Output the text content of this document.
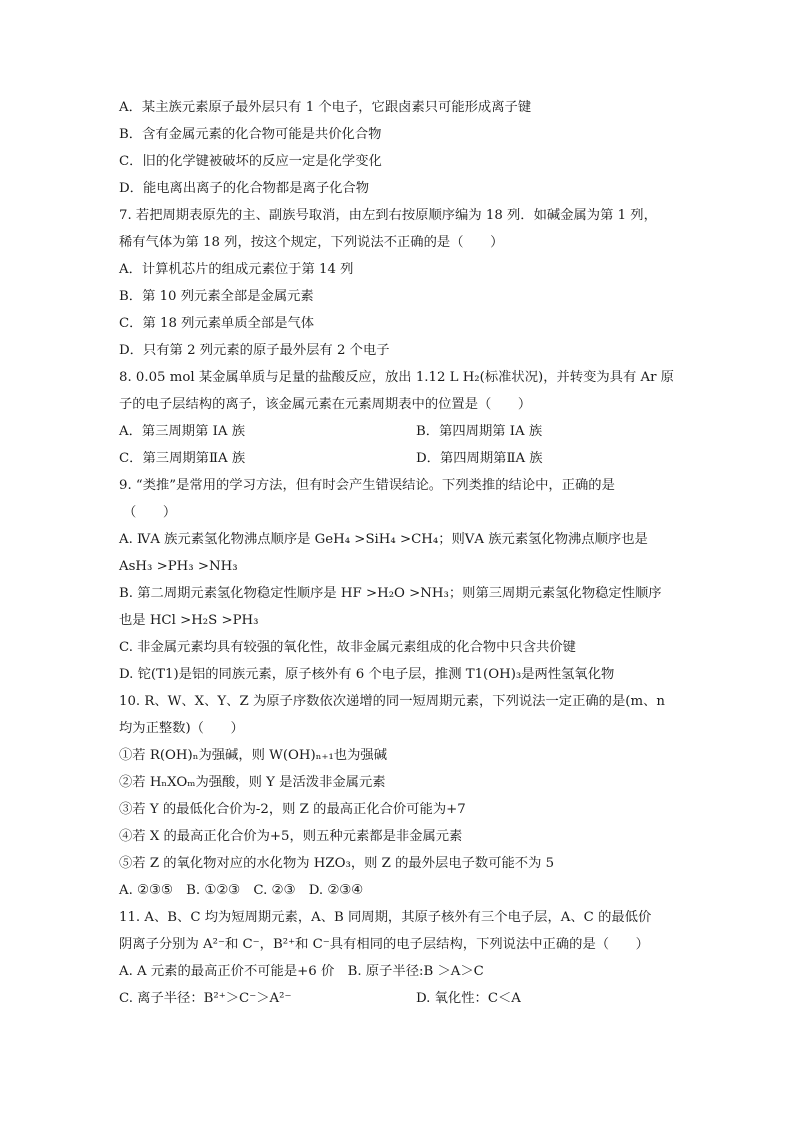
A．某主族元素原子最外层只有 1 个电子，它跟卤素只可能形成离子键
B．含有金属元素的化合物可能是共价化合物
C．旧的化学键被破坏的反应一定是化学变化
D．能电离出离子的化合物都是离子化合物
7. 若把周期表原先的主、副族号取消，由左到右按原顺序编为 18 列．如碱金属为第 1 列，
稀有气体为第 18 列，按这个规定，下列说法不正确的是（　　）
A．计算机芯片的组成元素位于第 14 列
B．第 10 列元素全部是金属元素
C．第 18 列元素单质全部是气体
D．只有第 2 列元素的原子最外层有 2 个电子
8. 0.05 mol 某金属单质与足量的盐酸反应，放出 1.12 L H₂(标准状况)，并转变为具有 Ar 原
子的电子层结构的离子，该金属元素在元素周期表中的位置是（　　）
A．第三周期第 IA 族	B．第四周期第 IA 族
C．第三周期第ⅡA 族	D．第四周期第ⅡA 族
9. “类推”是常用的学习方法，但有时会产生错误结论。下列类推的结论中，正确的是
（　　）
A. ⅣA 族元素氢化物沸点顺序是 GeH₄ >SiH₄ >CH₄；则ⅤA 族元素氢化物沸点顺序也是
AsH₃ >PH₃ >NH₃
B. 第二周期元素氢化物稳定性顺序是 HF >H₂O >NH₃；则第三周期元素氢化物稳定性顺序
也是 HCl >H₂S >PH₃
C. 非金属元素均具有较强的氧化性，故非金属元素组成的化合物中只含共价键
D. 铊(T1)是铝的同族元素，原子核外有 6 个电子层，推测 T1(OH)₃是两性氢氧化物
10. R、W、X、Y、Z 为原子序数依次递增的同一短周期元素，下列说法一定正确的是(m、n
均为正整数)（　　）
①若 R(OH)ₙ为强碱，则 W(OH)ₙ₊₁也为强碱
②若 HₙXOₘ为强酸，则 Y 是活泼非金属元素
③若 Y 的最低化合价为-2，则 Z 的最高正化合价可能为+7
④若 X 的最高正化合价为+5，则五种元素都是非金属元素
⑤若 Z 的氧化物对应的水化物为 HZO₃，则 Z 的最外层电子数可能不为 5
A. ②③⑤　B. ①②③　C. ②③　D. ②③④
11. A、B、C 均为短周期元素，A、B 同周期，其原子核外有三个电子层，A、C 的最低价
阴离子分别为 A²⁻和 C⁻，B²⁺和 C⁻具有相同的电子层结构，下列说法中正确的是（　　）
A. A 元素的最高正价不可能是+6 价　B. 原子半径:B ＞A＞C
C. 离子半径：B²⁺＞C⁻＞A²⁻	D. 氧化性：C＜A
